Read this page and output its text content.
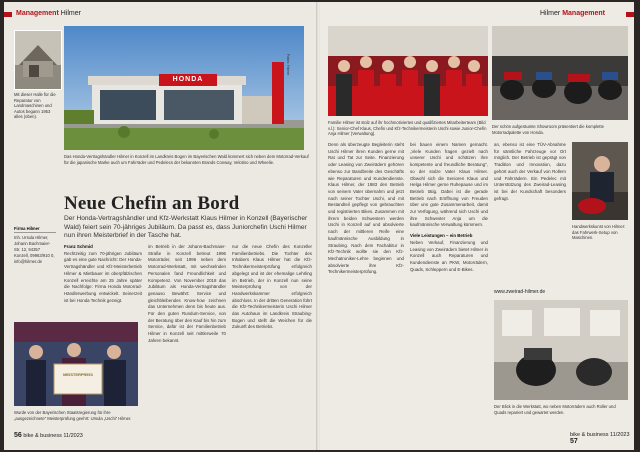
Management Hilmer
HONDA
Fotos: Hilmer
Mit dieser Halle für die Reparatur von Landmaschinen und Autos begann 1953 alles (oben).
Das Honda-Vertragshändler Hilmer in Konzell im Landkreis Bogen im Bayerischen Wald kümmert sich neben dem Motorrad-Verkauf für die japanische Marke auch um Fahrräder und Pedelecs der bekannten Brands Conway, Velotino und Wheelie.
Neue Chefin an Bord
Der Honda-Vertragshändler und Kfz-Werkstatt Klaus Hilmer in Konzell (Bayerischer Wald) feiert sein 70-jähriges Jubiläum. Da passt es, dass Juniorchefin Uschi Hilmer nun ihren Meisterbrief in der Tasche hat.
Firma Hilmer
Inh. Ursula Hilmer, Johann Bachmaier-Str. 12, 94357 Konzell, 09963/910 0, info@hilmer.de

Franz Schmid

Rechtzeitig zum 70-jährigen Jubiläum gab es eine gute Nachricht: Der Honda-Vertragshändler und Kfz-Meisterbetrieb Hilmer & Mietbauer im oberpfälzischen Konzell erreichte am 25 Jahre später die Nachfolge: Firma Honda Motorrad-Händlerwerbung entwickelt. Seinerzeit ist bei Honda Technik gezeigt.

im Betrieb in der Johann-Bachmaier-Straße in Konzell betreut 1996 Motorräder, seit 1996 neben dem Motorrad-Werkstatt, mit wechselnden Personalen fand Freundlichkeit und Kompetenz. Von November 2018 das Jubiläum als Honda-Vertragshändler genauso Bewährt: Service und gleichbleibendes Know-how zeichnen das Unternehmen denn bis heute aus. Für den guten Rundum-Service, von der Beratung über den Kauf bis hin zum Service, dafür ist der Familienbetrieb Hilmer in Konzell seit mittlerweile 70 Jahren bekannt.

nur die neue Chefin des Konzeller Familienbetriebs. Die Tochter des Inhabers Klaus Hilmer hat die Kfz-Technikermeisterprüfung erfolgreich abgelegt und ist der ehemalige Lehrling im Betrieb, der in Konzell nun seine Meisterprüfung von der Handwerkskammer erfolgreich abschloss. In der dritten Generation führt die Kfz-Technikermeisterin Uschi Hilmer das Autohaus im Landkreis Straubing-Bogen und stellt die Weichen für die Zukunft des Betriebs.

MEISTERPREIS
Wurde von der Bayerischen Staatsregierung für ihre „ausgezeichnete“ Meisterprüfung geehrt: Ursula „Uschi“ Hilmer.
56 bike & business 11/2023
Hilmer Management
Familie Hilmer ist stolz auf ihr hochmotiviertes und qualifiziertes Mitarbeiterteam (Bild v.l.): Senior-Chef Klaus, Chefin und Kfz-Technikermeisterin Uschi sowie Junior-Chefin Anja Hilmer (Verwaltung).
Der schön aufgeräumte Showroom präsentiert die komplette Motorradpalette von Honda.

Denn als überzeugte Begleiterin steht Uschi Hilmer ihren Kunden gerne mit Rat und Tat zur Seite. Finanzierung oder Leasing von Zweirädern gehören ebenso zur Bandbreite des Geschäfts wie Reparaturen und Kundendienste. Klaus Hilmer, der 1983 den Betrieb von seinem Vater übernahm und jetzt nach seiner Tochter Uschi, und mit Bestandteil gepflegt von gebrauchten und registrierten Bikes. Zusammen mit ihrem beiden Schwestern werden Uschi in Konzell auf und absolvierte nach der mittleren Reife eine kaufmännische Ausbildung in Straubing. Nach dem Fachabitur in Kfz-Technik wollte sie den Kfz-Mechatroniker-Lehre beginnen und absolvierte ihre Kfz-Technikermeisterprüfung.

bei bauen einem Namen gemacht. „Viele Kunden fragen gezielt nach unserer Uschi und schätzen ihre kompetente und freundliche Beratung“, so der stolze Vater Klaus Hilmer. Obwohl sich die Senioren Klaus und Helga Hilmer gerne Ruhepause und im Betrieb tätig. Dabei ist die gerade Betrieb nach Eröffnung von Freuden über uns gute Zusammenarbeit, damit zur Verfügung, während sich Uschi und ihre Schwester Anja um die kaufmännische Verwaltung kümmern.

Viele Leistungen – ein Betrieb

Neben Verkauf, Finanzierung und Leasing von Zweirädern bietet Hilmer in Konzell auch Reparaturen und Kundendienste an PKW, Motorrädern, Quads, Schleppern und E-Bikes.

an, ebenso ist eine TÜV-Abnahme für sämtliche Fahrzeuge vor Ort möglich. Der Betrieb ist geprägt von Tradition und Innovation, dazu gehört auch der Verkauf von Rollern und Fahrrädern. Ein Pedelec mit Unterstützung des Zweirad-Leasing ist bei der Kundschaft besonders gefragt.

www.zweirad-hilmer.de
Handwerkskunst von Hilmer: das Fahrwerk-Setup von Maschinen.
Der Blick in die Werkstatt, wo neben Motorrädern auch Roller und Quads repariert und gewartet werden.
bike & business 11/2023 57
